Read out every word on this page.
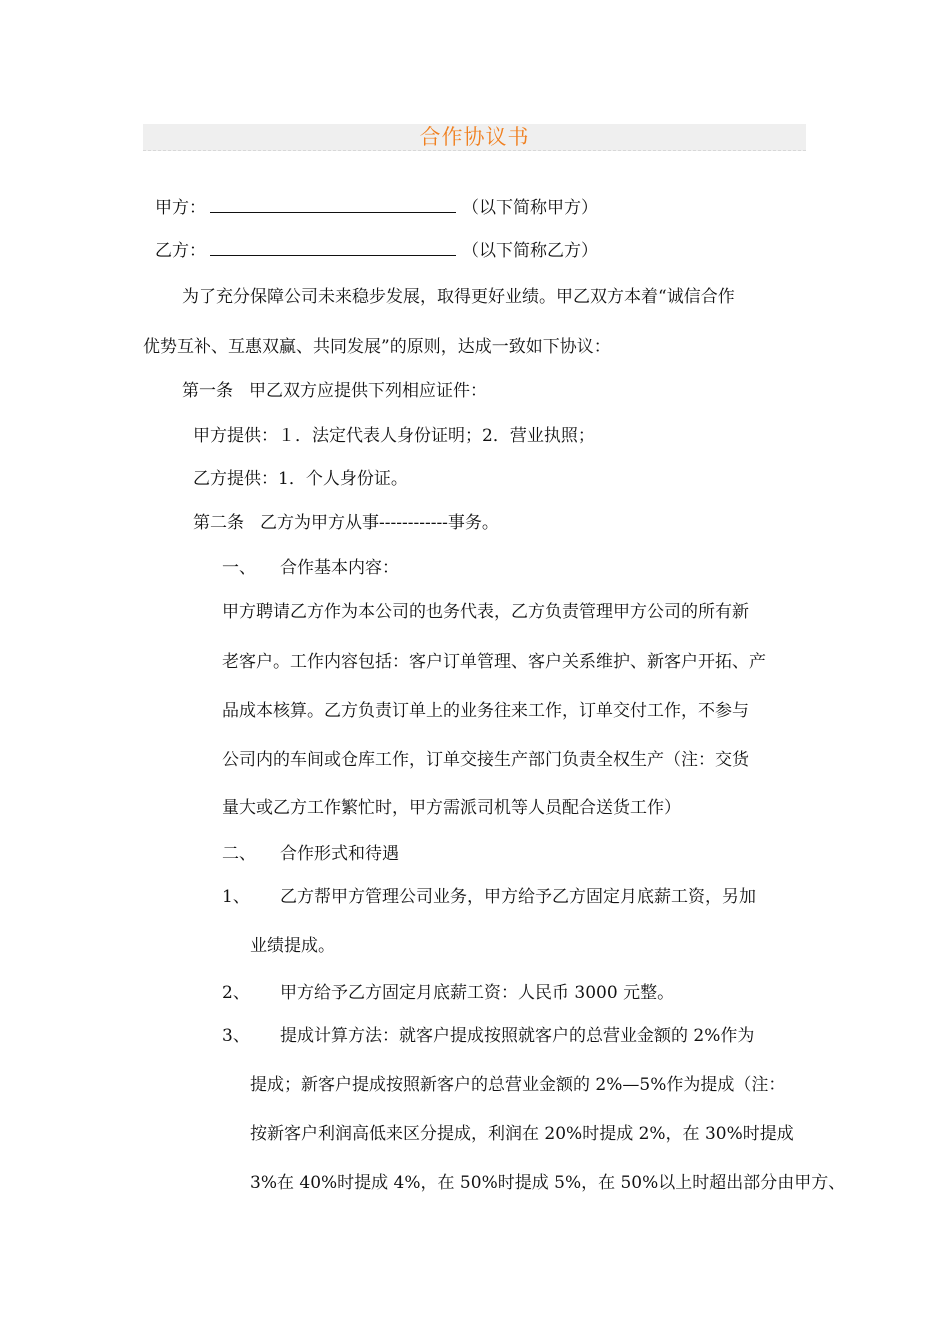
合作协议书
甲方：	（以下简称甲方）
乙方：	（以下简称乙方）
为了充分保障公司未来稳步发展，取得更好业绩。甲乙双方本着“诚信合作
优势互补、互惠双赢、共同发展”的原则，达成一致如下协议：
第一条 甲乙双方应提供下列相应证件：
甲方提供：１．法定代表人身份证明；2．营业执照；
乙方提供：1．个人身份证。
第二条 乙方为甲方从事------------事务。
一、 合作基本内容：
甲方聘请乙方作为本公司的也务代表，乙方负责管理甲方公司的所有新
老客户。工作内容包括：客户订单管理、客户关系维护、新客户开拓、产
品成本核算。乙方负责订单上的业务往来工作，订单交付工作，不参与
公司内的车间或仓库工作，订单交接生产部门负责全权生产（注：交货
量大或乙方工作繁忙时，甲方需派司机等人员配合送货工作）
二、 合作形式和待遇
1、 乙方帮甲方管理公司业务，甲方给予乙方固定月底薪工资，另加
业绩提成。
2、 甲方给予乙方固定月底薪工资：人民币 3000 元整。
3、 提成计算方法：就客户提成按照就客户的总营业金额的 2%作为
提成；新客户提成按照新客户的总营业金额的 2%—5%作为提成（注：
按新客户利润高低来区分提成，利润在 20%时提成 2%，在 30%时提成
3%在 40%时提成 4%，在 50%时提成 5%，在 50%以上时超出部分由甲方、
